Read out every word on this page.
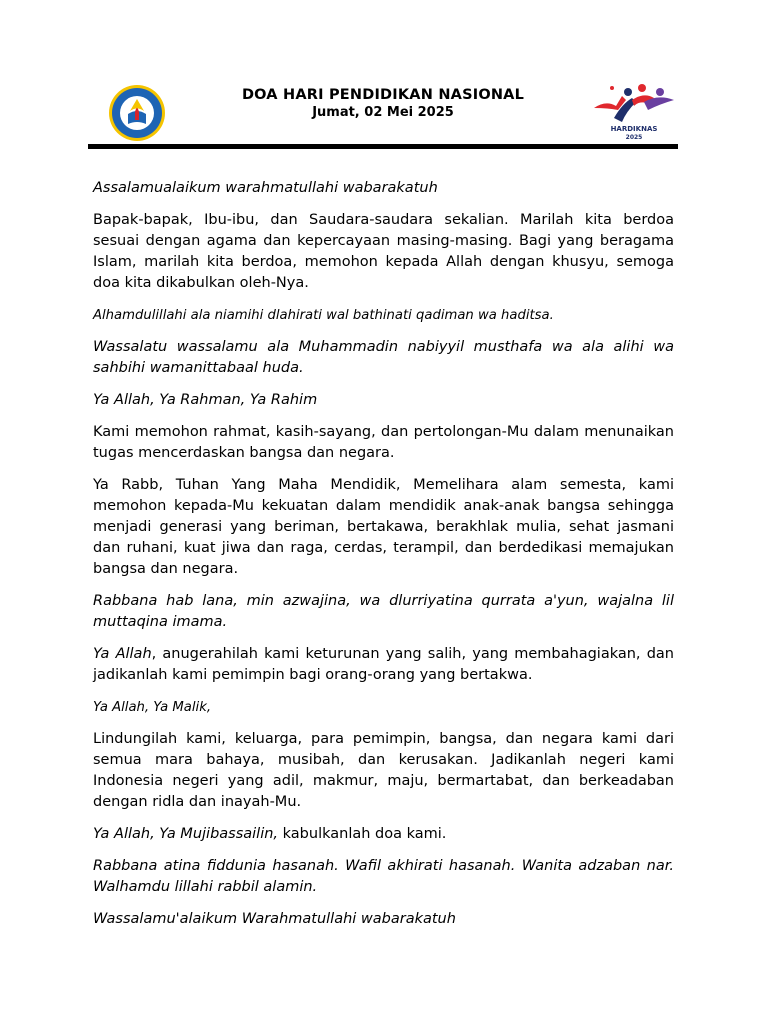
DOA HARI PENDIDIKAN NASIONAL
Jumat, 02 Mei 2025
HARDIKNAS
2025

Assalamualaikum warahmatullahi wabarakatuh

Bapak-bapak, Ibu-ibu, dan Saudara-saudara sekalian. Marilah kita berdoa sesuai dengan agama dan kepercayaan masing-masing. Bagi yang beragama Islam, marilah kita berdoa, memohon kepada Allah dengan khusyu, semoga doa kita dikabulkan oleh-Nya.

Alhamdulillahi ala niamihi dlahirati wal bathinati qadiman wa haditsa.

Wassalatu wassalamu ala Muhammadin nabiyyil musthafa wa ala alihi wa sahbihi wamanittabaal huda.

Ya Allah, Ya Rahman, Ya Rahim

Kami memohon rahmat, kasih-sayang, dan pertolongan-Mu dalam menunaikan tugas mencerdaskan bangsa dan negara.

Ya Rabb, Tuhan Yang Maha Mendidik, Memelihara alam semesta, kami memohon kepada-Mu kekuatan dalam mendidik anak-anak bangsa sehingga menjadi generasi yang beriman, bertakawa, berakhlak mulia, sehat jasmani dan ruhani, kuat jiwa dan raga, cerdas, terampil, dan berdedikasi memajukan bangsa dan negara.

Rabbana hab lana, min azwajina, wa dlurriyatina qurrata a'yun, wajalna lil muttaqina imama.

Ya Allah, anugerahilah kami keturunan yang salih, yang membahagiakan, dan jadikanlah kami pemimpin bagi orang-orang yang bertakwa.

Ya Allah, Ya Malik,

Lindungilah kami, keluarga, para pemimpin, bangsa, dan negara kami dari semua mara bahaya, musibah, dan kerusakan. Jadikanlah negeri kami Indonesia negeri yang adil, makmur, maju, bermartabat, dan berkeadaban dengan ridla dan inayah-Mu.

Ya Allah, Ya Mujibassailin, kabulkanlah doa kami.

Rabbana atina fiddunia hasanah. Wafil akhirati hasanah. Wanita adzaban nar. Walhamdu lillahi rabbil alamin.

Wassalamu'alaikum Warahmatullahi wabarakatuh
